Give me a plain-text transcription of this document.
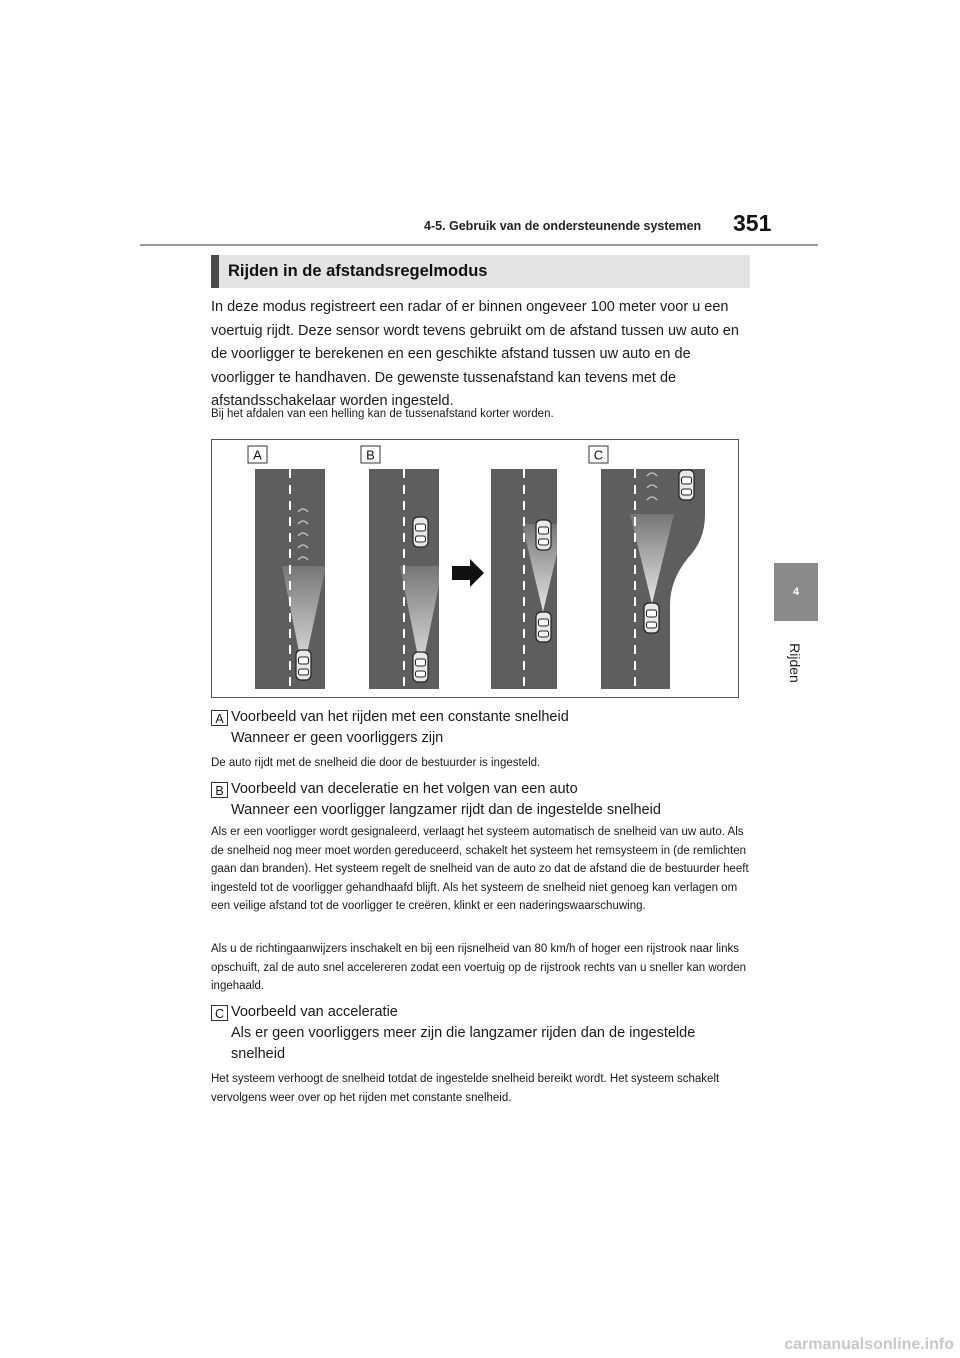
4-5. Gebruik van de ondersteunende systemen 351
4
Rijden
Rijden in de afstandsregelmodus

In deze modus registreert een radar of er binnen ongeveer 100 meter voor u een voertuig rijdt. Deze sensor wordt tevens gebruikt om de afstand tussen uw auto en de voorligger te berekenen en een geschikte afstand tussen uw auto en de voorligger te handhaven. De gewenste tussenafstand kan tevens met de afstandsschakelaar worden ingesteld.

Bij het afdalen van een helling kan de tussenafstand korter worden.

A	B	C
A Voorbeeld van het rijden met een constante snelheid
Wanneer er geen voorliggers zijn

De auto rijdt met de snelheid die door de bestuurder is ingesteld.

B Voorbeeld van deceleratie en het volgen van een auto
Wanneer een voorligger langzamer rijdt dan de ingestelde snelheid

Als er een voorligger wordt gesignaleerd, verlaagt het systeem automatisch de snelheid van uw auto. Als de snelheid nog meer moet worden gereduceerd, schakelt het systeem het remsysteem in (de remlichten gaan dan branden). Het systeem regelt de snelheid van de auto zo dat de afstand die de bestuurder heeft ingesteld tot de voorligger gehandhaafd blijft. Als het systeem de snelheid niet genoeg kan verlagen om een veilige afstand tot de voorligger te creëren, klinkt er een naderingswaarschuwing.

Als u de richtingaanwijzers inschakelt en bij een rijsnelheid van 80 km/h of hoger een rijstrook naar links opschuift, zal de auto snel accelereren zodat een voertuig op de rijstrook rechts van u sneller kan worden ingehaald.

C Voorbeeld van acceleratie
Als er geen voorliggers meer zijn die langzamer rijden dan de ingestelde snelheid

Het systeem verhoogt de snelheid totdat de ingestelde snelheid bereikt wordt. Het systeem schakelt vervolgens weer over op het rijden met constante snelheid.

carmanualsonline.info
